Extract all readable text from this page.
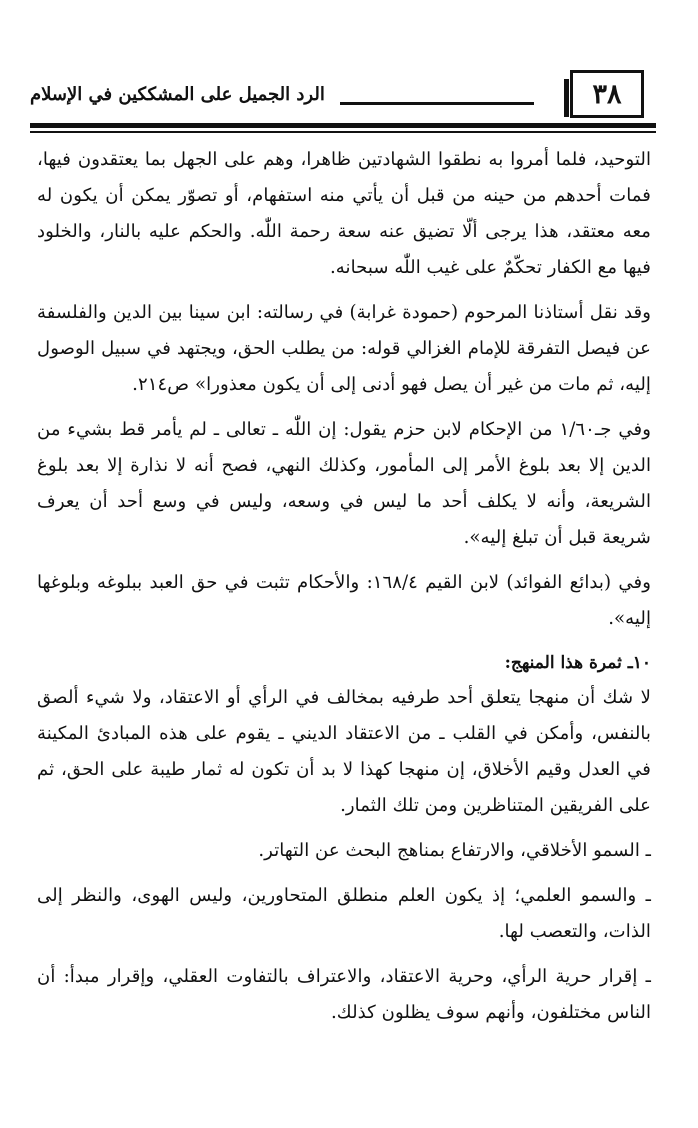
الرد الجميل على المشككين في الإسلام	٣٨

التوحيد، فلما أمروا به نطقوا الشهادتين ظاهرا، وهم على الجهل بما يعتقدون فيها، فمات أحدهم من حينه من قبل أن يأتي منه استفهام، أو تصوّر يمكن أن يكون له معه معتقد، هذا يرجى ألّا تضيق عنه سعة رحمة اللّٰه. والحكم عليه بالنار، والخلود فيها مع الكفار تحكّمٌ على غيب اللّٰه سبحانه.

وقد نقل أستاذنا المرحوم (حمودة غرابة) في رسالته: ابن سينا بين الدين والفلسفة عن فيصل التفرقة للإمام الغزالي قوله: من يطلب الحق، ويجتهد في سبيل الوصول إليه، ثم مات من غير أن يصل فهو أدنى إلى أن يكون معذورا» ص٢١٤.

وفي جـ١/٦٠ من الإحكام لابن حزم يقول: إن اللّٰه ـ تعالى ـ لم يأمر قط بشيء من الدين إلا بعد بلوغ الأمر إلى المأمور، وكذلك النهي، فصح أنه لا نذارة إلا بعد بلوغ الشريعة، وأنه لا يكلف أحد ما ليس في وسعه، وليس في وسع أحد أن يعرف شريعة قبل أن تبلغ إليه».

وفي (بدائع الفوائد) لابن القيم ١٦٨/٤: والأحكام تثبت في حق العبد ببلوغه وبلوغها إليه».

١٠ـ ثمرة هذا المنهج:

لا شك أن منهجا يتعلق أحد طرفيه بمخالف في الرأي أو الاعتقاد، ولا شيء ألصق بالنفس، وأمكن في القلب ـ من الاعتقاد الديني ـ يقوم على هذه المبادئ المكينة في العدل وقيم الأخلاق، إن منهجا كهذا لا بد أن تكون له ثمار طيبة على الحق، ثم على الفريقين المتناظرين ومن تلك الثمار.

ـ السمو الأخلاقي، والارتفاع بمناهج البحث عن التهاتر.

ـ والسمو العلمي؛ إذ يكون العلم منطلق المتحاورين، وليس الهوى، والنظر إلى الذات، والتعصب لها.

ـ إقرار حرية الرأي، وحرية الاعتقاد، والاعتراف بالتفاوت العقلي، وإقرار مبدأ: أن الناس مختلفون، وأنهم سوف يظلون كذلك.
